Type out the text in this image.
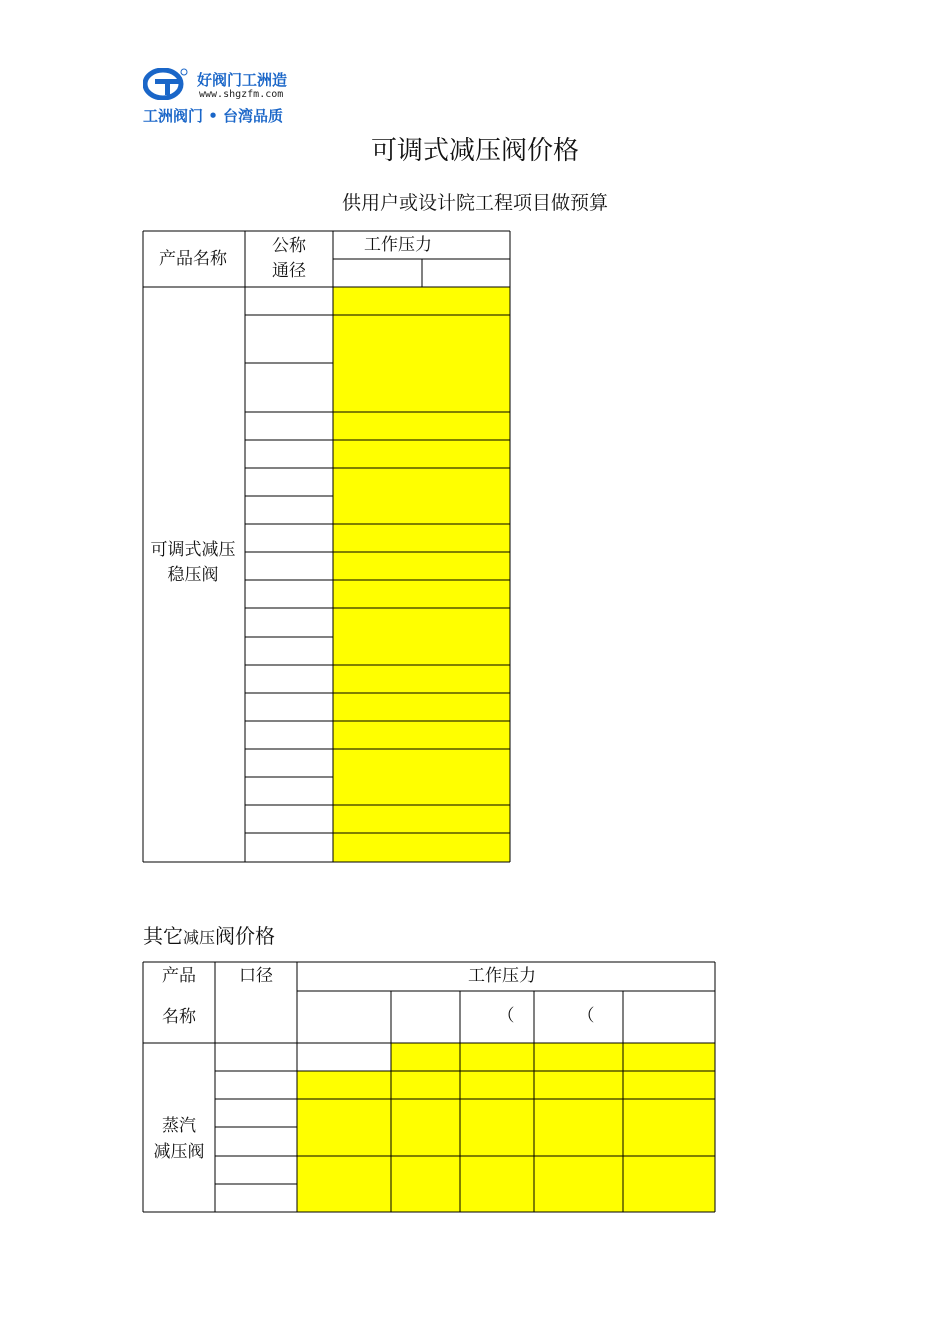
好阀门工洲造
www.shgzfm.com
工洲阀门 • 台湾品质
可调式减压阀价格
供用户或设计院工程项目做预算
产品名称
公称
通径
工作压力
可调式减压
稳压阀
产品
名称
口径	工作压力
（	（
蒸汽
减压阀
其它减压阀价格
